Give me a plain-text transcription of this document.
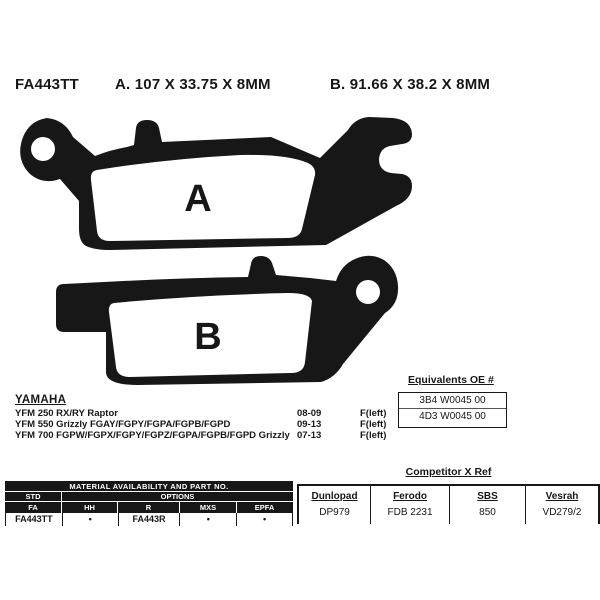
FA443TT A. 107 X 33.75 X 8MM	B. 91.66 X 38.2 X 8MM
A
B
YAMAHA
YFM 250 RX/RY Raptor	08-09	F(left)
YFM 550 Grizzly FGAY/FGPY/FGPA/FGPB/FGPD	09-13	F(left)
YFM 700 FGPW/FGPX/FGPY/FGPZ/FGPA/FGPB/FGPD Grizzly 07-13	F(left)
Equivalents OE #
3B4 W0045 00
4D3 W0045 00
Competitor X Ref
Dunlopad	Ferodo	SBS	Vesrah
DP979	FDB 2231	850	VD279/2
MATERIAL AVAILABILITY AND PART NO.
STD	OPTIONS
FA	HH	R	MXS	EPFA
FA443TT	•	FA443R	•	•
